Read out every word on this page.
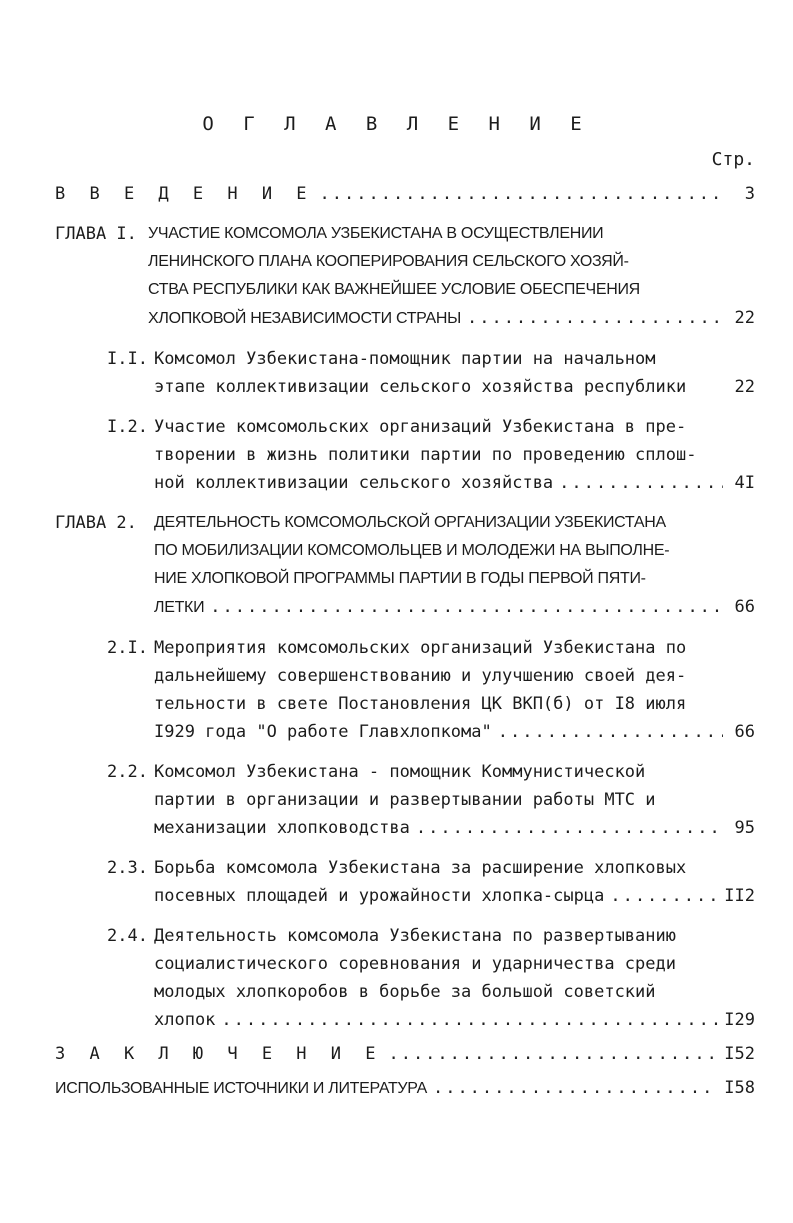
О Г Л А В Л Е Н И Е
Стр.
В В Е Д Е Н И Е .....	3
ГЛАВА I. УЧАСТИЕ КОМСОМОЛА УЗБЕКИСТАНА В ОСУЩЕСТВЛЕНИИ
ЛЕНИНСКОГО ПЛАНА КООПЕРИРОВАНИЯ СЕЛЬСКОГО ХОЗЯЙ-
СТВА РЕСПУБЛИКИ КАК ВАЖНЕЙШЕЕ УСЛОВИЕ ОБЕСПЕЧЕНИЯ
ХЛОПКОВОЙ НЕЗАВИСИМОСТИ СТРАНЫ .....	22
I.I. Комсомол Узбекистана-помощник партии на начальном
этапе коллективизации сельского хозяйства республики	22
I.2. Участие комсомольских организаций Узбекистана в пре-
творении в жизнь политики партии по проведению сплош-
ной коллективизации сельского хозяйства .....	4I
ГЛАВА 2.	ДЕЯТЕЛЬНОСТЬ КОМСОМОЛЬСКОЙ ОРГАНИЗАЦИИ УЗБЕКИСТАНА
ПО МОБИЛИЗАЦИИ КОМСОМОЛЬЦЕВ И МОЛОДЕЖИ НА ВЫПОЛНЕ-
НИЕ ХЛОПКОВОЙ ПРОГРАММЫ ПАРТИИ В ГОДЫ ПЕРВОЙ ПЯТИ-
ЛЕТКИ .....	66
2.I. Мероприятия комсомольских организаций Узбекистана по
дальнейшему совершенствованию и улучшению своей дея-
тельности в свете Постановления ЦК ВКП(б) от I8 июля
I929 года "О работе Главхлопкома" .....	66
2.2. Комсомол Узбекистана - помощник Коммунистической
партии в организации и развертывании работы МТС и
механизации хлопководства .....	95
2.3. Борьба комсомола Узбекистана за расширение хлопковых
посевных площадей и урожайности хлопка-сырца .....	II2
2.4. Деятельность комсомола Узбекистана по развертыванию
социалистического соревнования и ударничества среди
молодых хлопкоробов в борьбе за большой советский
хлопок .....	I29
З А К Л Ю Ч Е Н И Е .....	I52
ИСПОЛЬЗОВАННЫЕ ИСТОЧНИКИ И ЛИТЕРАТУРА .....	I58
